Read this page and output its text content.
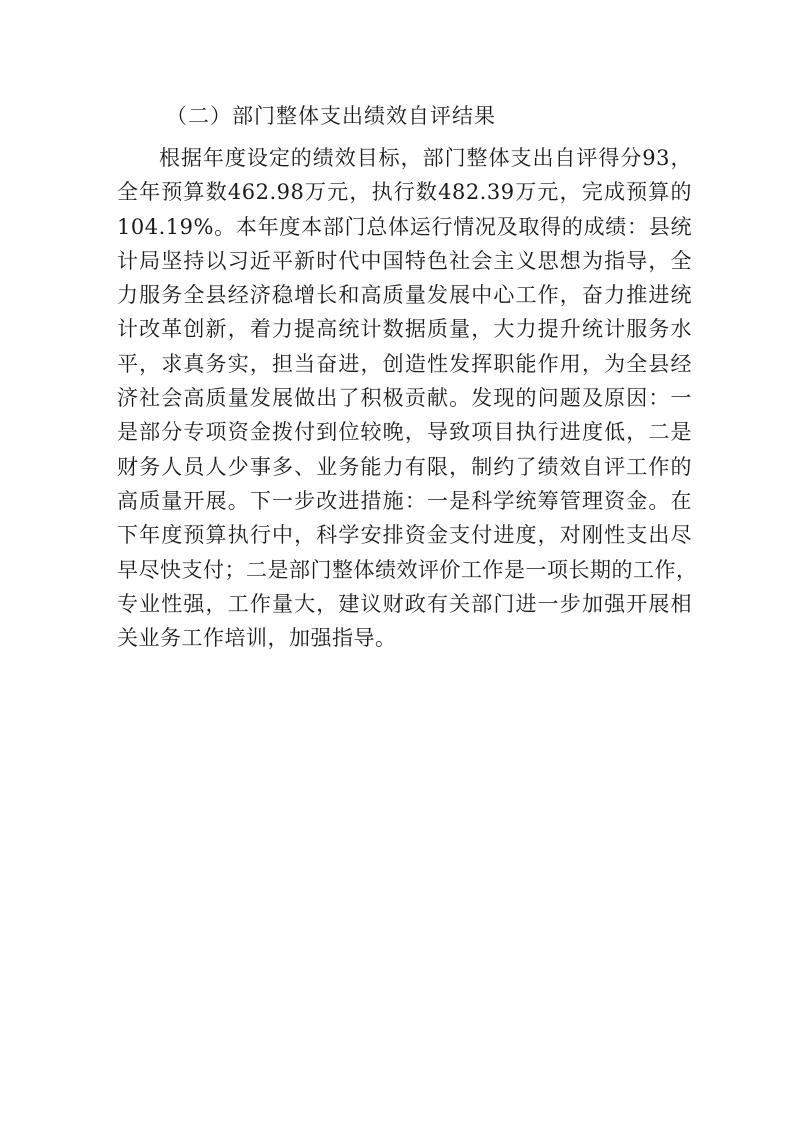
（二）部门整体支出绩效自评结果
根据年度设定的绩效目标，部门整体支出自评得分93，
全年预算数462.98万元，执行数482.39万元，完成预算的
104.19%。本年度本部门总体运行情况及取得的成绩：县统
计局坚持以习近平新时代中国特色社会主义思想为指导，全
力服务全县经济稳增长和高质量发展中心工作，奋力推进统
计改革创新，着力提高统计数据质量，大力提升统计服务水
平，求真务实，担当奋进，创造性发挥职能作用，为全县经
济社会高质量发展做出了积极贡献。发现的问题及原因：一
是部分专项资金拨付到位较晚，导致项目执行进度低，二是
财务人员人少事多、业务能力有限，制约了绩效自评工作的
高质量开展。下一步改进措施：一是科学统筹管理资金。在
下年度预算执行中，科学安排资金支付进度，对刚性支出尽
早尽快支付；二是部门整体绩效评价工作是一项长期的工作，
专业性强，工作量大，建议财政有关部门进一步加强开展相
关业务工作培训，加强指导。
